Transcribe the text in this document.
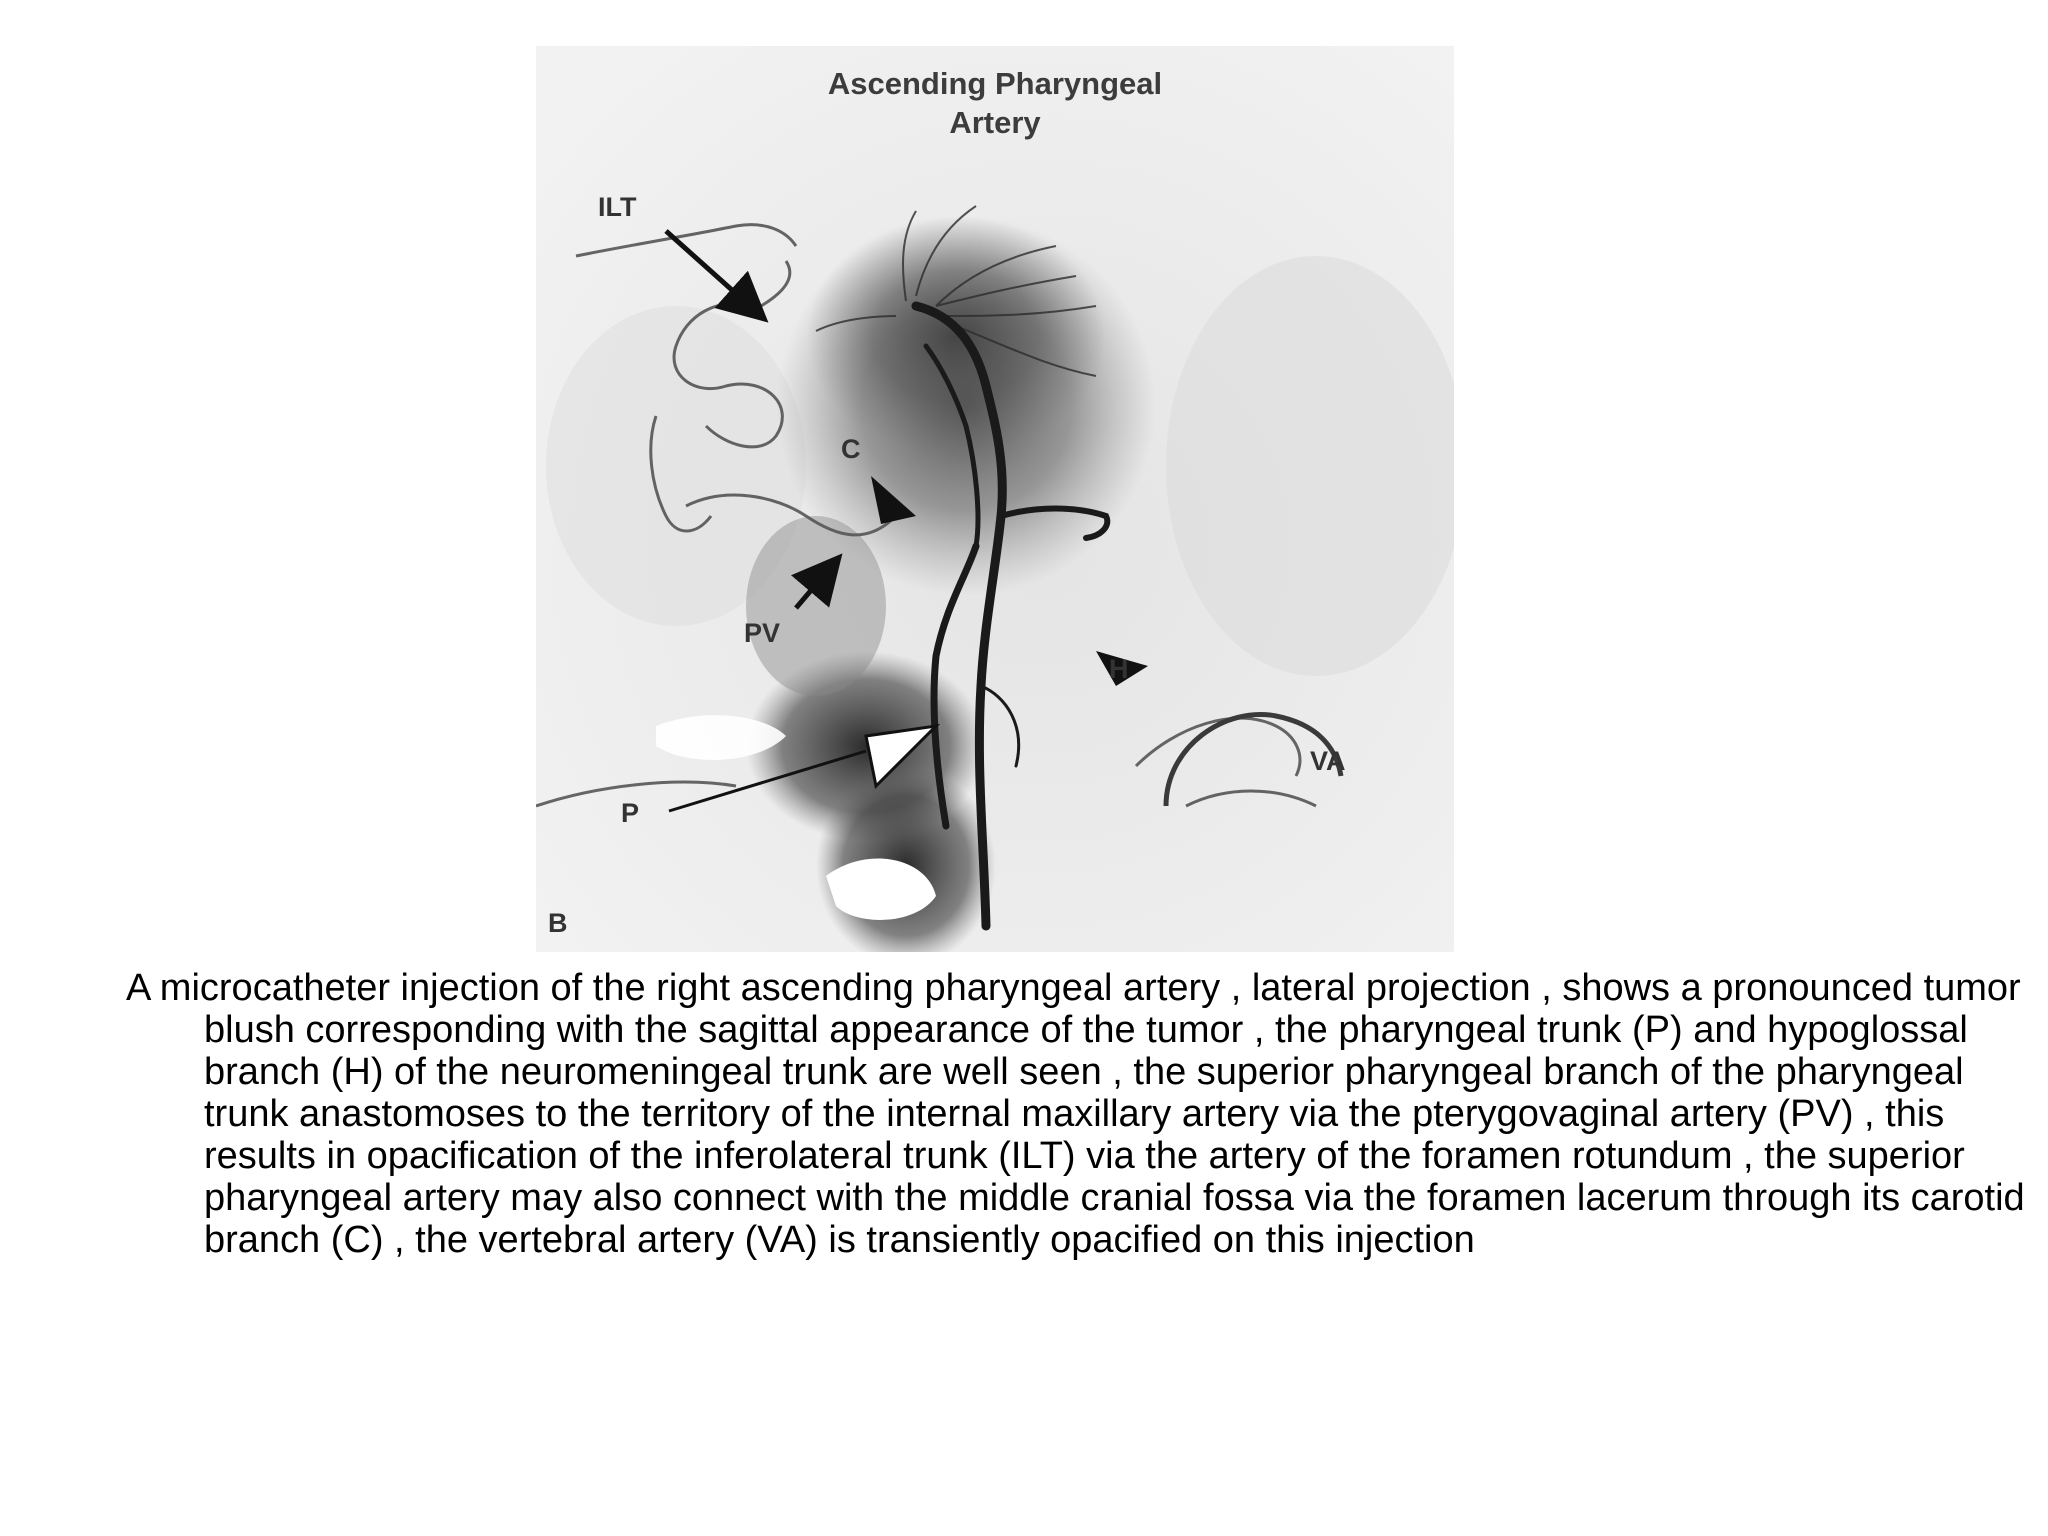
Ascending Pharyngeal
Artery
ILT
C
PV
H
P
VA
B

A microcatheter injection of the right ascending pharyngeal artery , lateral projection , shows a pronounced tumor blush corresponding with the sagittal appearance of the tumor , the pharyngeal trunk (P) and hypoglossal branch (H) of the neuromeningeal trunk are well seen , the superior pharyngeal branch of the pharyngeal trunk anastomoses to the territory of the internal maxillary artery via the pterygovaginal artery (PV) , this results in opacification of the inferolateral trunk (ILT) via the artery of the foramen rotundum , the superior pharyngeal artery may also connect with the middle cranial fossa via the foramen lacerum through its carotid branch (C) , the vertebral artery (VA) is transiently opacified on this injection
